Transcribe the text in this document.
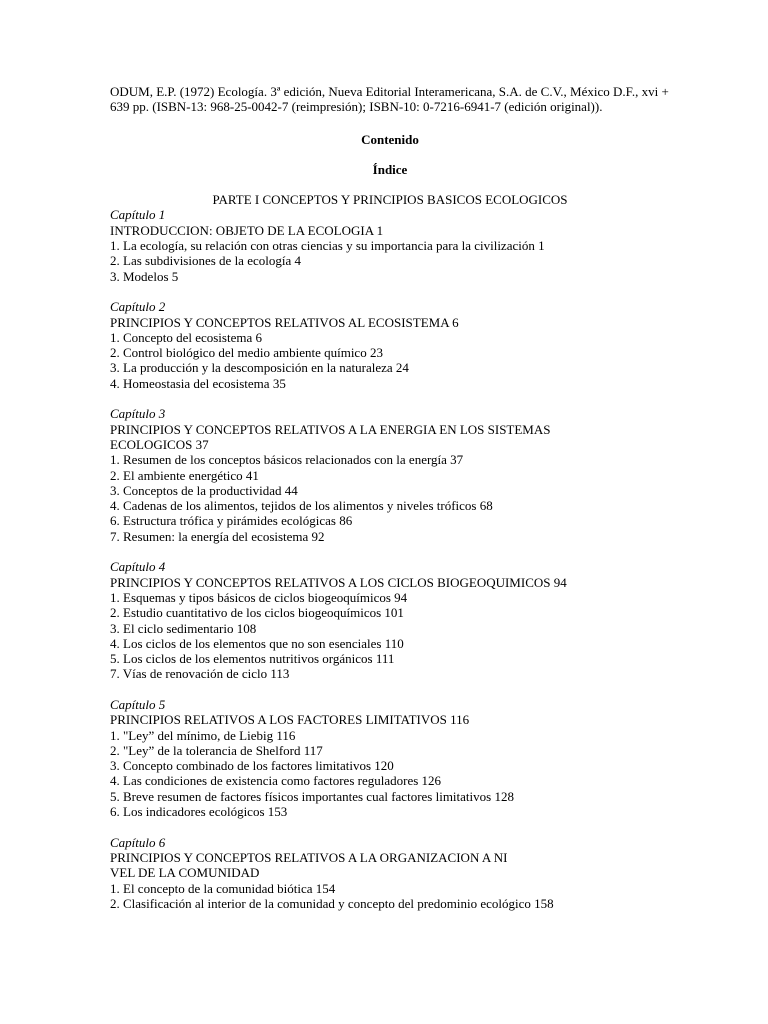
ODUM, E.P. (1972) Ecología. 3ª edición, Nueva Editorial Interamericana, S.A. de C.V., México D.F., xvi + 639 pp. (ISBN-13: 968-25-0042-7 (reimpresión); ISBN-10: 0-7216-6941-7 (edición original)).

Contenido

Índice

PARTE I CONCEPTOS Y PRINCIPIOS BASICOS ECOLOGICOS

Capítulo 1
INTRODUCCION: OBJETO DE LA ECOLOGIA 1
1. La ecología, su relación con otras ciencias y su importancia para la civilización 1
2. Las subdivisiones de la ecología 4
3. Modelos 5
Capítulo 2
PRINCIPIOS Y CONCEPTOS RELATIVOS AL ECOSISTEMA 6
1. Concepto del ecosistema 6
2. Control biológico del medio ambiente químico 23
3. La producción y la descomposición en la naturaleza 24
4. Homeostasia del ecosistema 35
Capítulo 3
PRINCIPIOS Y CONCEPTOS RELATIVOS A LA ENERGIA EN LOS SISTEMAS
ECOLOGICOS 37
1. Resumen de los conceptos básicos relacionados con la energía 37
2. El ambiente energético 41
3. Conceptos de la productividad 44
4. Cadenas de los alimentos, tejidos de los alimentos y niveles tróficos 68
6. Estructura trófica y pirámides ecológicas 86
7. Resumen: la energía del ecosistema 92
Capítulo 4
PRINCIPIOS Y CONCEPTOS RELATIVOS A LOS CICLOS BIOGEOQUIMICOS 94
1. Esquemas y tipos básicos de ciclos biogeoquímicos 94
2. Estudio cuantitativo de los ciclos biogeoquímicos 101
3. El ciclo sedimentario 108
4. Los ciclos de los elementos que no son esenciales 110
5. Los ciclos de los elementos nutritivos orgánicos 111
7. Vías de renovación de ciclo 113
Capítulo 5
PRINCIPIOS RELATIVOS A LOS FACTORES LIMITATIVOS 116
1. "Ley” del mínimo, de Liebig 116
2. "Ley” de la tolerancia de Shelford 117
3. Concepto combinado de los factores limitativos 120
4. Las condiciones de existencia como factores reguladores 126
5. Breve resumen de factores físicos importantes cual factores limitativos 128
6. Los indicadores ecológicos 153
Capítulo 6
PRINCIPIOS Y CONCEPTOS RELATIVOS A LA ORGANIZACION A NI
VEL DE LA COMUNIDAD
1. El concepto de la comunidad biótica 154
2. Clasificación al interior de la comunidad y concepto del predominio ecológico 158
